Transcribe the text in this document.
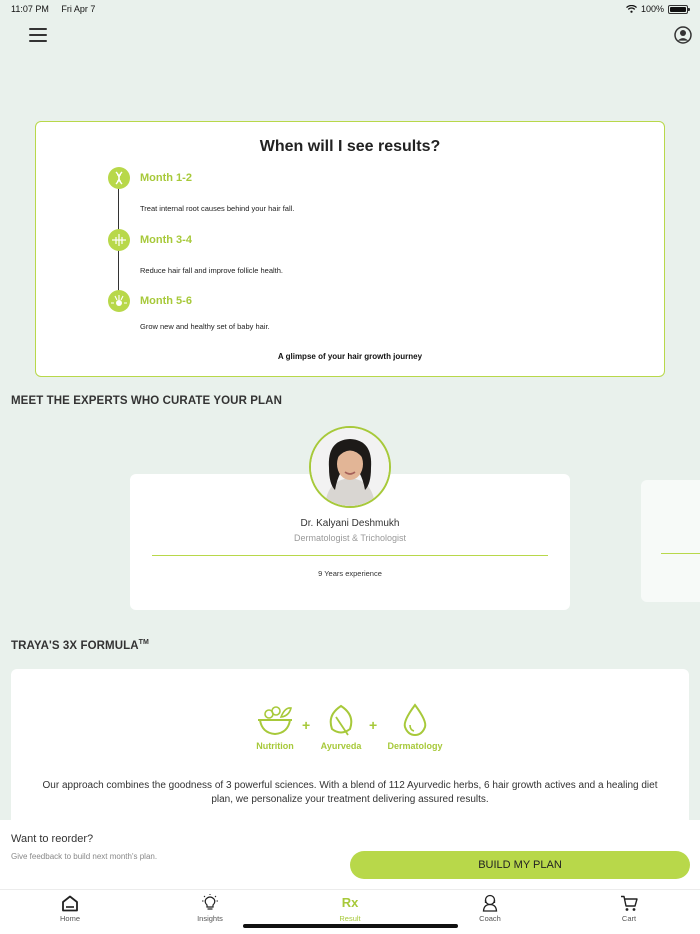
11:07 PM Fri Apr 7	100%
When will I see results?
Month 1-2
Treat internal root causes behind your hair fall.
Month 3-4
Reduce hair fall and improve follicle health.
Month 5-6
Grow new and healthy set of baby hair.
A glimpse of your hair growth journey
MEET THE EXPERTS WHO CURATE YOUR PLAN
Dr. Kalyani Deshmukh
Dermatologist & Trichologist
9 Years experience
TRAYA'S 3X FORMULA™
Nutrition
+
Ayurveda
+
Dermatology
Our approach combines the goodness of 3 powerful sciences. With a blend of 112 Ayurvedic herbs, 6 hair growth actives and a healing diet plan, we personalize your treatment delivering assured results.
Want to reorder?
Give feedback to build next month's plan.
BUILD MY PLAN
Home	Insights
Rx
Result	Coach	Cart
